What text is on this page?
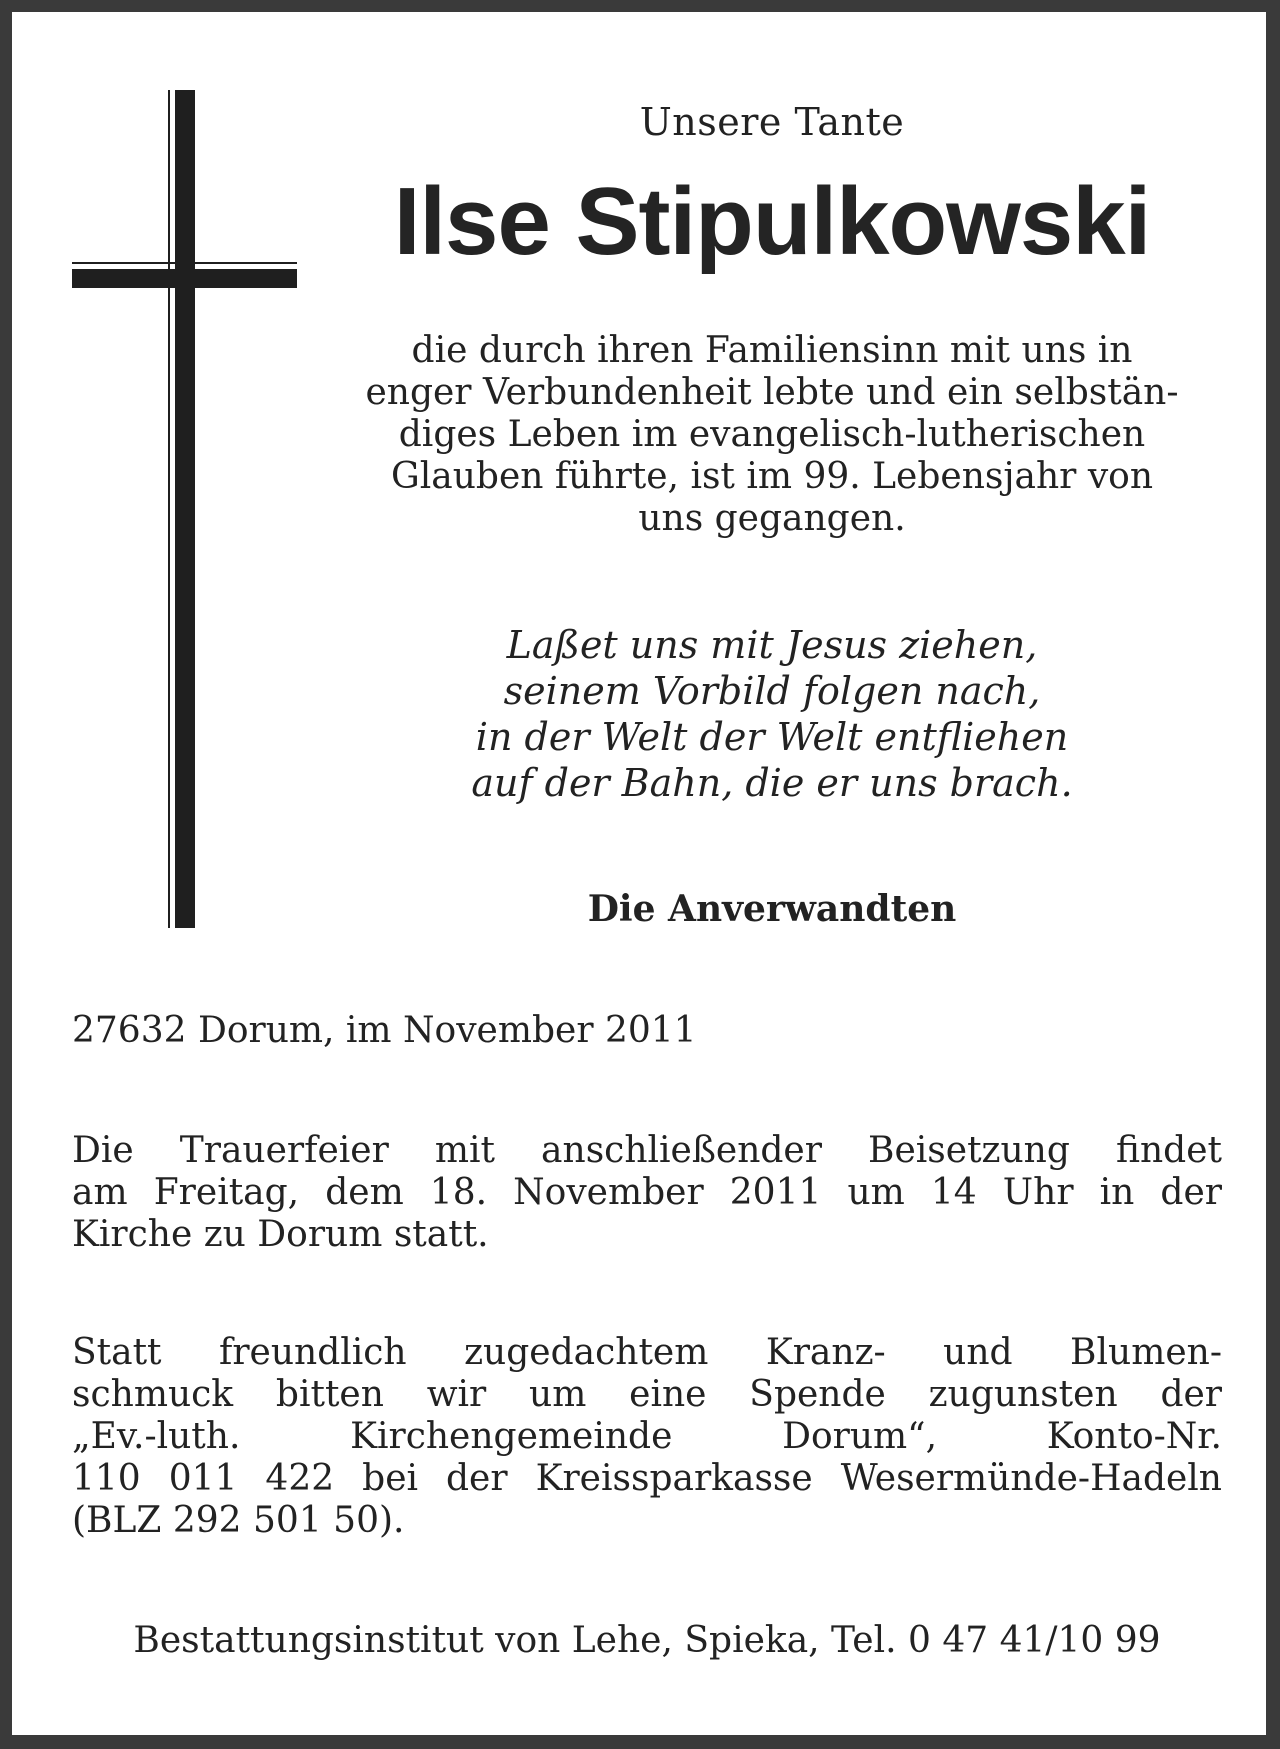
Unsere Tante
Ilse Stipulkowski
die durch ihren Familiensinn mit uns in
enger Verbundenheit lebte und ein selbstän-
diges Leben im evangelisch-lutherischen
Glauben führte, ist im 99. Lebensjahr von
uns gegangen.
Laßet uns mit Jesus ziehen,
seinem Vorbild folgen nach,
in der Welt der Welt entfliehen
auf der Bahn, die er uns brach.
Die Anverwandten
27632 Dorum, im November 2011
Die Trauerfeier mit anschließender Beisetzung findet
am Freitag, dem 18. November 2011 um 14 Uhr in der
Kirche zu Dorum statt.
Statt freundlich zugedachtem Kranz- und Blumen-
schmuck bitten wir um eine Spende zugunsten der
„Ev.-luth. Kirchengemeinde Dorum“, Konto-Nr.
110 011 422 bei der Kreissparkasse Wesermünde-Hadeln
(BLZ 292 501 50).
Bestattungsinstitut von Lehe, Spieka, Tel. 0 47 41/10 99
